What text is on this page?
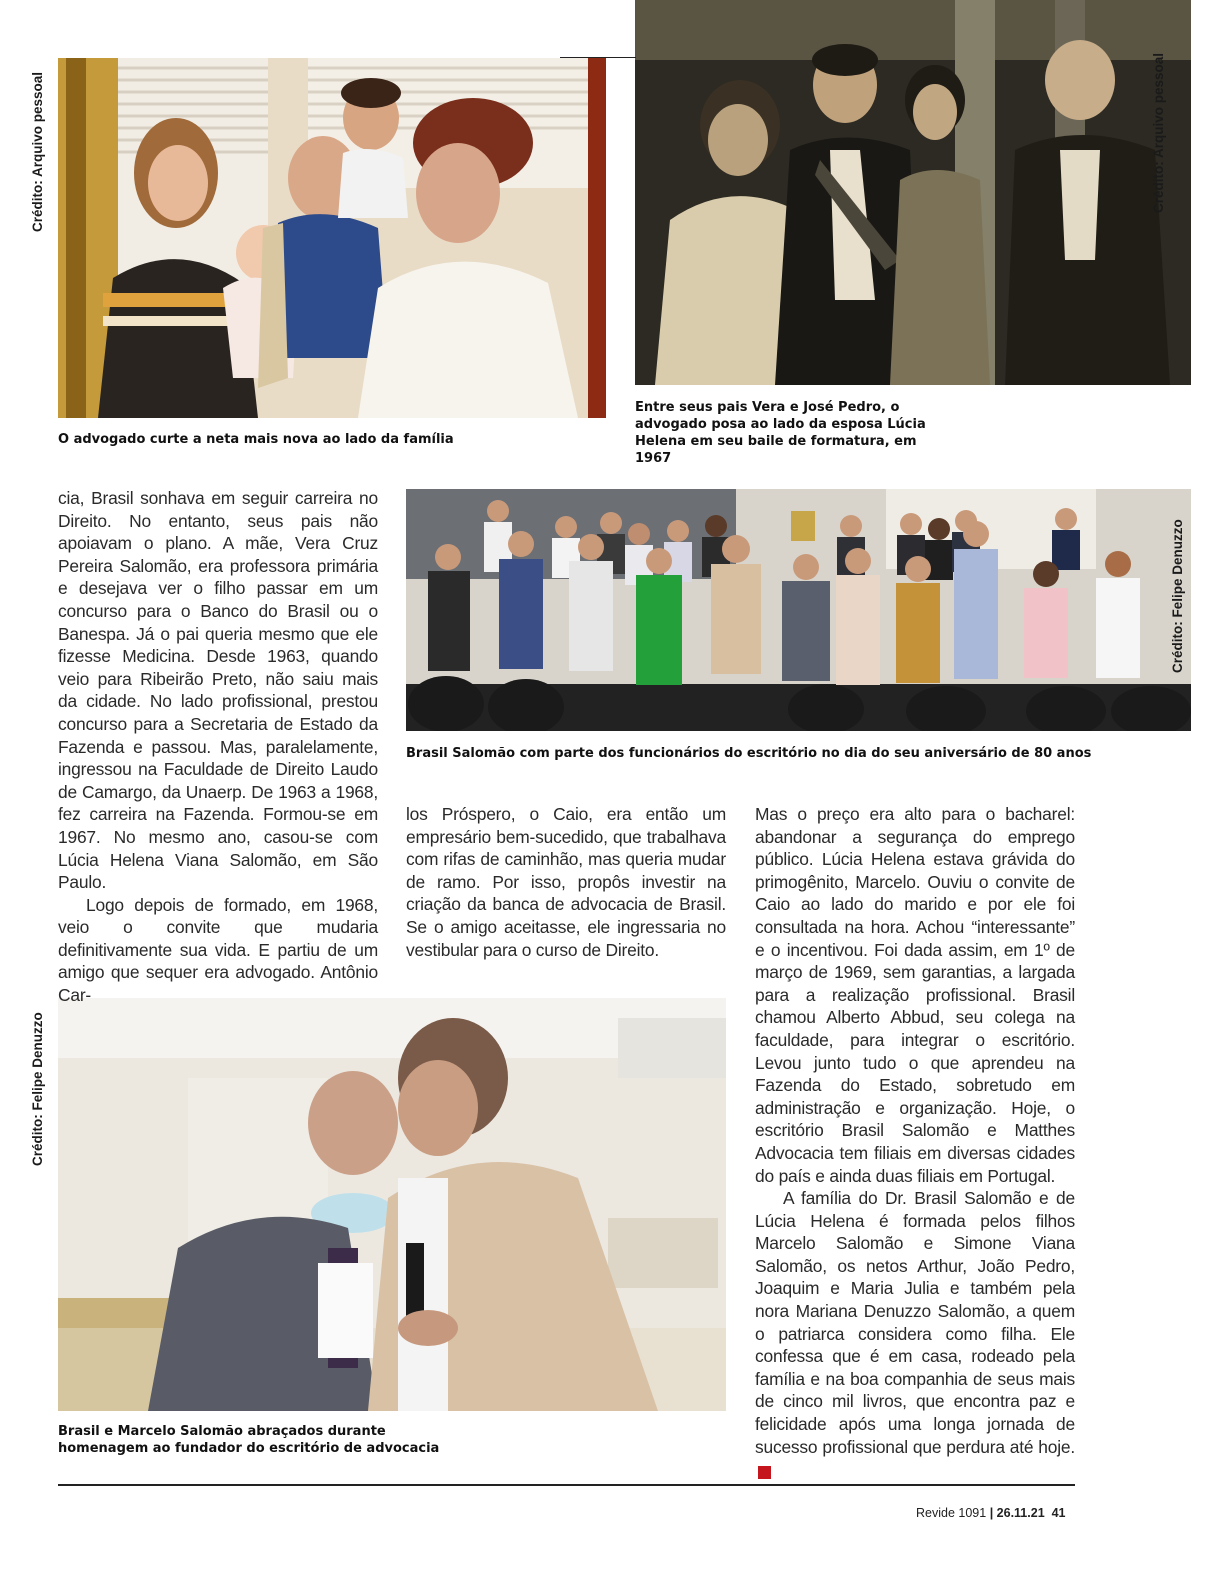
Crédito: Arquivo pessoal
O advogado curte a neta mais nova ao lado da família
Crédito: Arquivo pessoal
Entre seus pais Vera e José Pedro, o advogado posa ao lado da esposa Lúcia Helena em seu baile de formatura, em 1967
Crédito: Felipe Denuzzo
Brasil Salomão com parte dos funcionários do escritório no dia do seu aniversário de 80 anos
Crédito: Felipe Denuzzo
Brasil e Marcelo Salomão abraçados durante homenagem ao fundador do escritório de advocacia

cia, Brasil sonhava em seguir carreira no Direito. No entanto, seus pais não apoiavam o plano. A mãe, Vera Cruz Pereira Salomão, era professora primária e desejava ver o filho passar em um concurso para o Banco do Brasil ou o Banespa. Já o pai queria mesmo que ele fizesse Medicina. Desde 1963, quando veio para Ribeirão Preto, não saiu mais da cidade. No lado profissional, prestou concurso para a Secretaria de Estado da Fazenda e passou. Mas, paralelamente, ingressou na Faculdade de Direito Laudo de Camargo, da Unaerp. De 1963 a 1968, fez carreira na Fazenda. Formou-se em 1967. No mesmo ano, casou-se com Lúcia Helena Viana Salomão, em São Paulo.

Logo depois de formado, em 1968, veio o convite que mudaria definitivamente sua vida. E partiu de um amigo que sequer era advogado. Antônio Car-

los Próspero, o Caio, era então um empresário bem-sucedido, que trabalhava com rifas de caminhão, mas queria mudar de ramo. Por isso, propôs investir na criação da banca de advocacia de Brasil. Se o amigo aceitasse, ele ingressaria no vestibular para o curso de Direito.

Mas o preço era alto para o bacharel: abandonar a segurança do emprego público. Lúcia Helena estava grávida do primogênito, Marcelo. Ouviu o convite de Caio ao lado do marido e por ele foi consultada na hora. Achou “interessante” e o incentivou. Foi dada assim, em 1º de março de 1969, sem garantias, a largada para a realização profissional. Brasil chamou Alberto Abbud, seu colega na faculdade, para integrar o escritório. Levou junto tudo o que aprendeu na Fazenda do Estado, sobretudo em administração e organização. Hoje, o escritório Brasil Salomão e Matthes Advocacia tem filiais em diversas cidades do país e ainda duas filiais em Portugal.

A família do Dr. Brasil Salomão e de Lúcia Helena é formada pelos filhos Marcelo Salomão e Simone Viana Salomão, os netos Arthur, João Pedro, Joaquim e Maria Julia e também pela nora Mariana Denuzzo Salomão, a quem o patriarca considera como filha. Ele confessa que é em casa, rodeado pela família e na boa companhia de seus mais de cinco mil livros, que encontra paz e felicidade após uma longa jornada de sucesso profissional que perdura até hoje.R

Revide 1091 | 26.11.21 41
